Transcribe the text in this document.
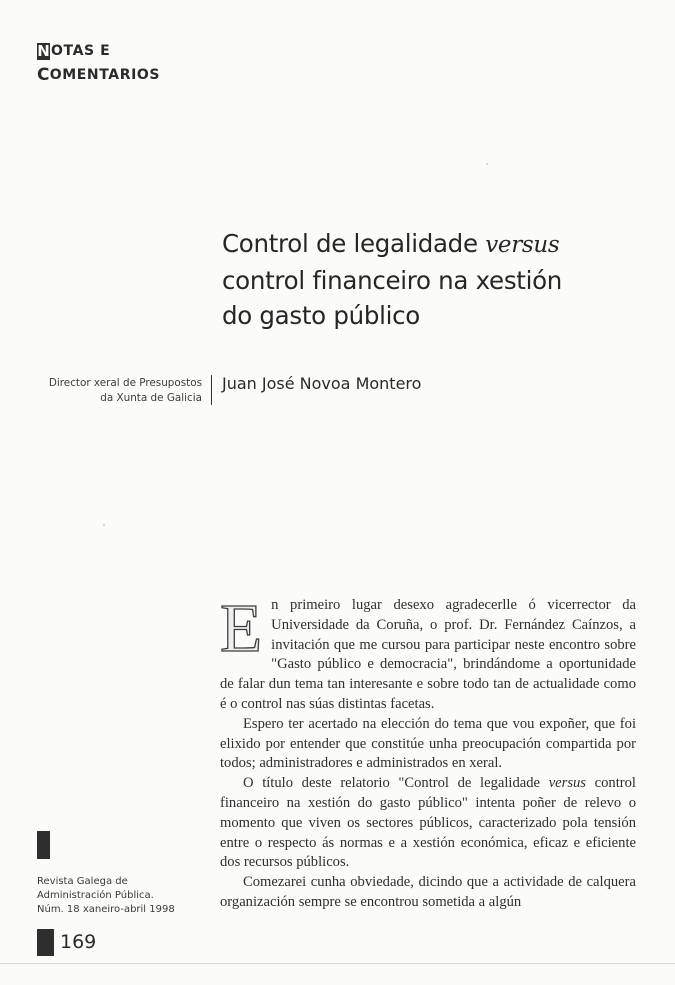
N OTAS E
C OMENTARIOS
Control de legalidade versus
control financeiro na xestión
do gasto público
Director xeral de Presupostos
da Xunta de Galicia
Juan José Novoa Montero

En primeiro lugar desexo agradecerlle ó vicerrector da Universidade da Coruña, o prof. Dr. Fernández Caínzos, a invitación que me cursou para participar neste encontro sobre "Gasto público e democracia", brindándome a oportunidade de falar dun tema tan interesante e sobre todo tan de actualidade como é o control nas súas distintas facetas.

Espero ter acertado na elección do tema que vou expoñer, que foi elixido por entender que constitúe unha preocupación compartida por todos; administradores e administrados en xeral.

O título deste relatorio "Control de legalidade versus control financeiro na xestión do gasto público" intenta poñer de relevo o momento que viven os sectores públicos, caracterizado pola tensión entre o respecto ás normas e a xestión económica, eficaz e eficiente dos recursos públicos.

Comezarei cunha obviedade, dicindo que a actividade de calquera organización sempre se encontrou sometida a algún

Revista Galega de
Administración Pública.
Núm. 18 xaneiro-abril 1998
169
